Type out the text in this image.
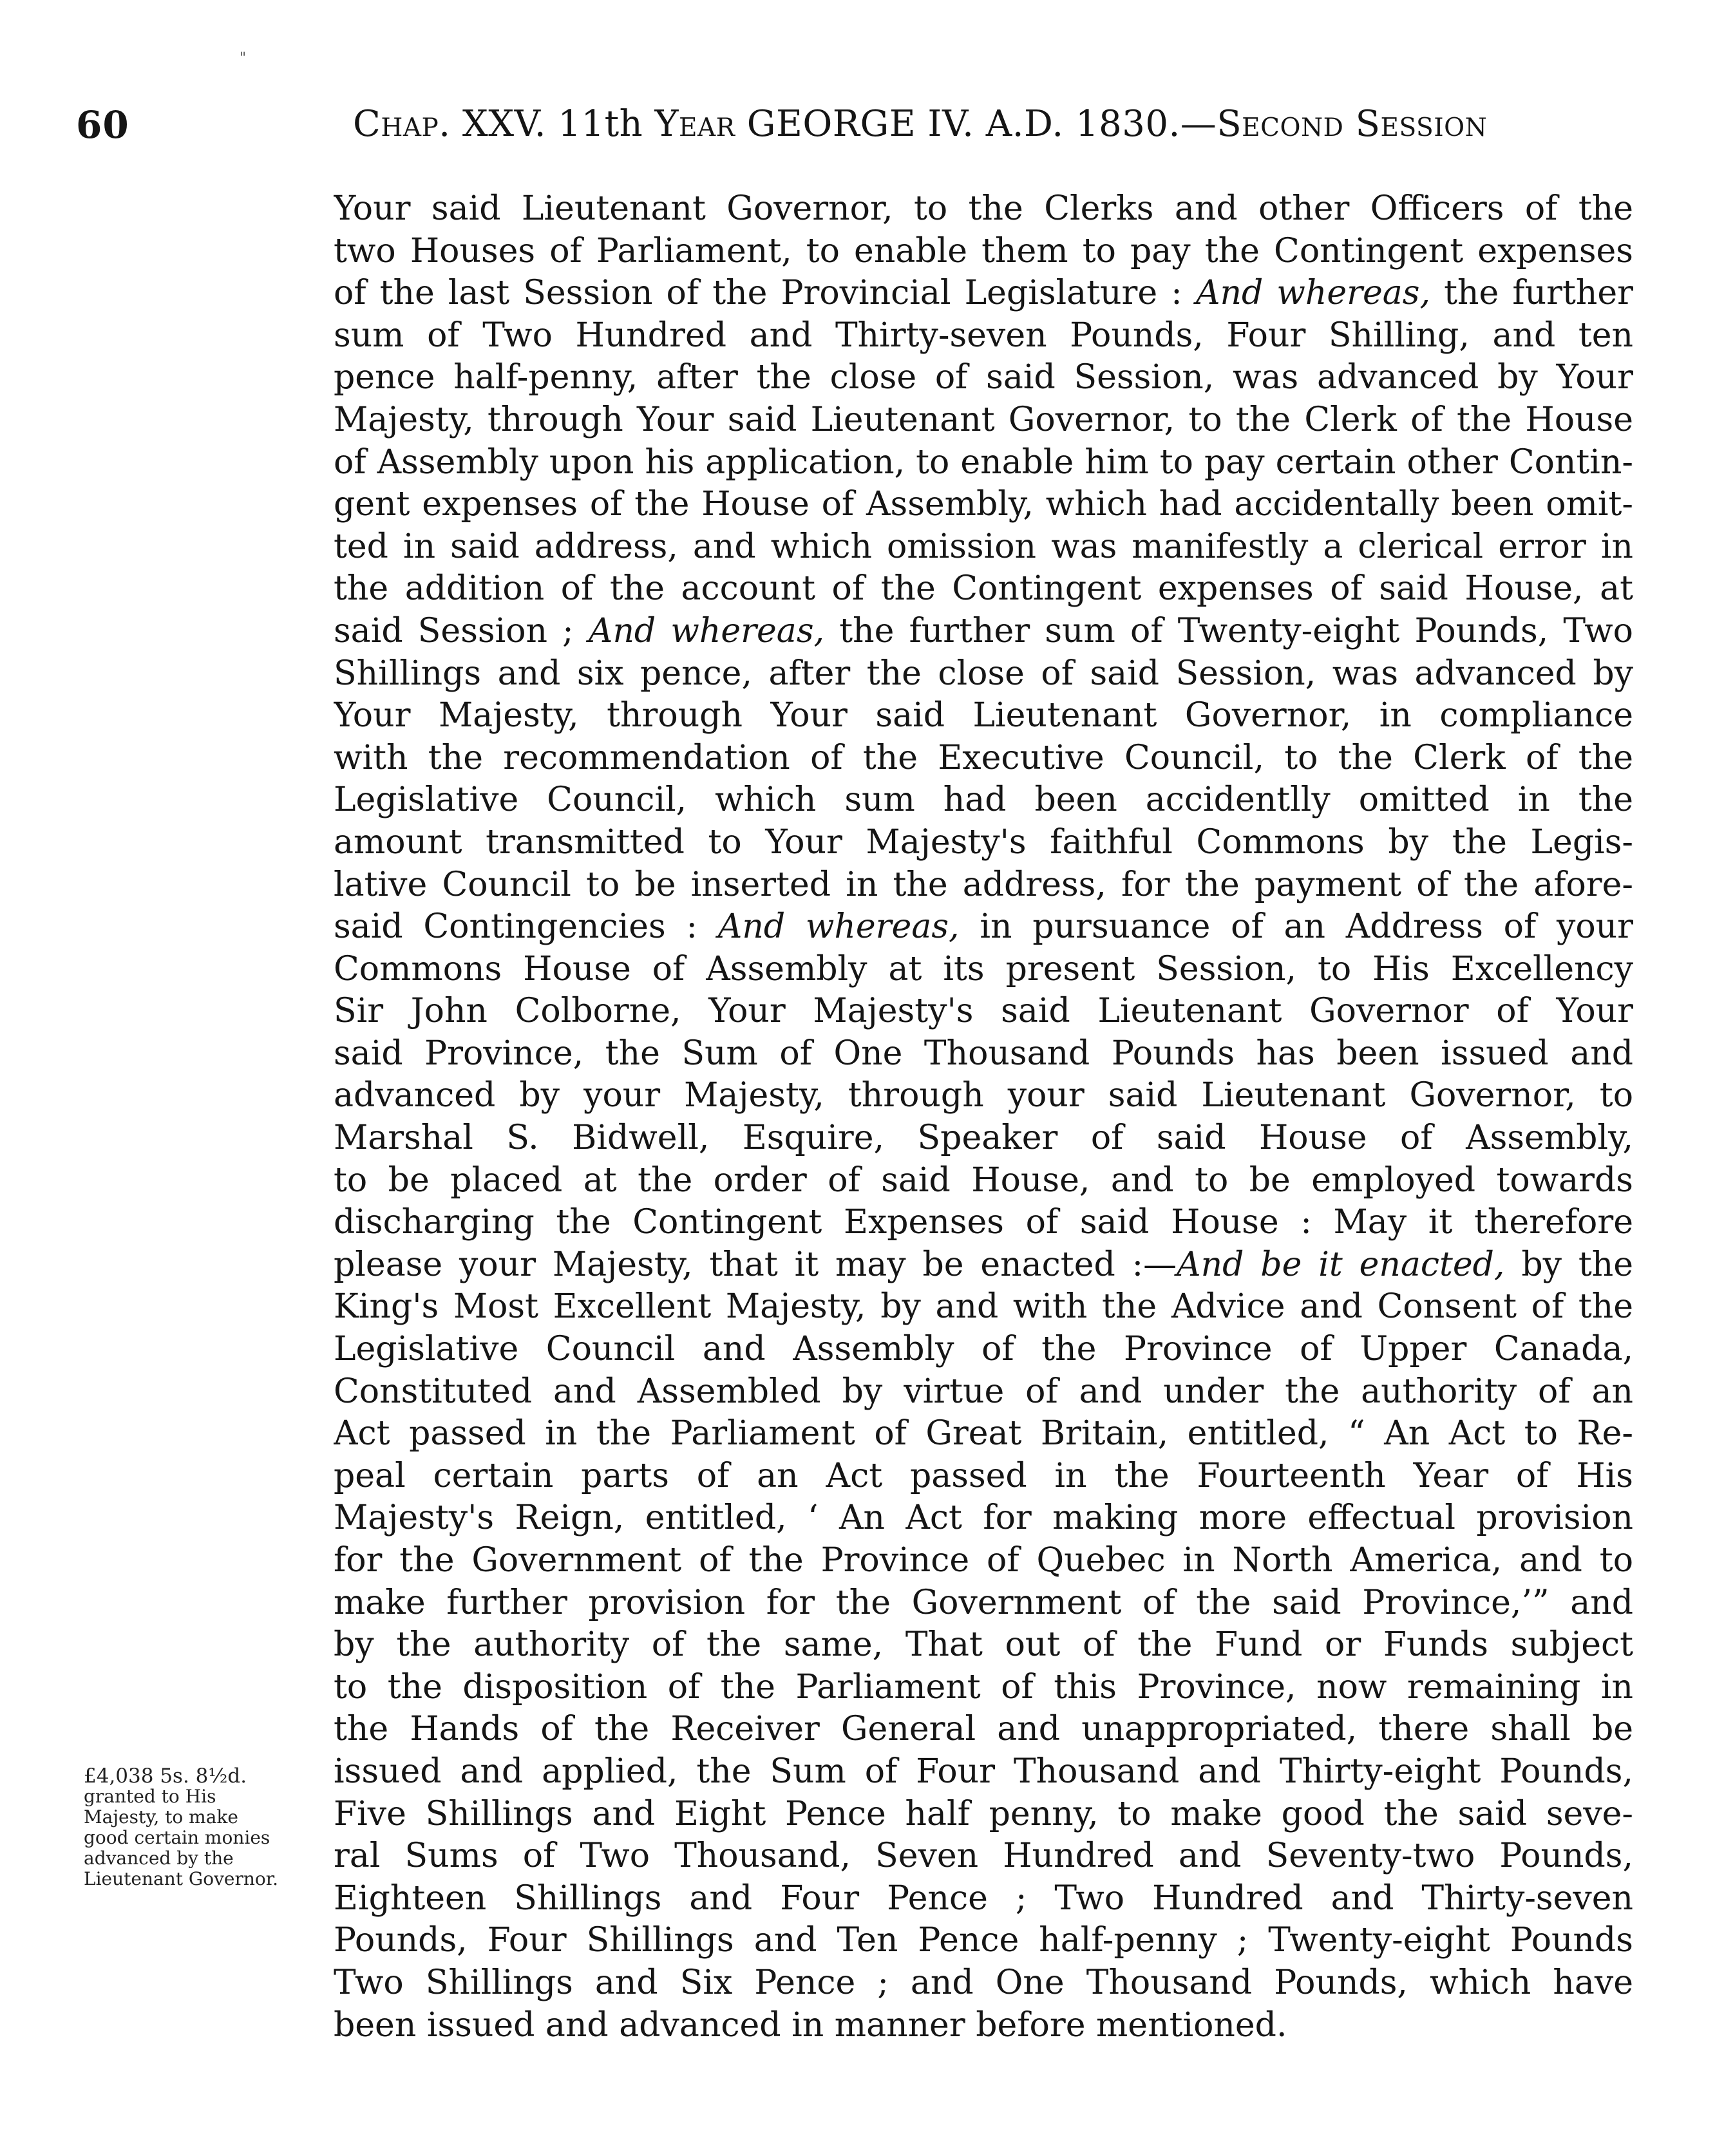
"
60	Chap. XXV. 11th Year GEORGE IV. A.D. 1830.—Second Session
Your said Lieutenant Governor, to the Clerks and other Officers of the
two Houses of Parliament, to enable them to pay the Contingent expenses
of the last Session of the Provincial Legislature : And whereas, the further
sum of Two Hundred and Thirty-seven Pounds, Four Shilling, and ten
pence half-penny, after the close of said Session, was advanced by Your
Majesty, through Your said Lieutenant Governor, to the Clerk of the House
of Assembly upon his application, to enable him to pay certain other Contin-
gent expenses of the House of Assembly, which had accidentally been omit-
ted in said address, and which omission was manifestly a clerical error in
the addition of the account of the Contingent expenses of said House, at
said Session ; And whereas, the further sum of Twenty-eight Pounds, Two
Shillings and six pence, after the close of said Session, was advanced by
Your Majesty, through Your said Lieutenant Governor, in compliance
with the recommendation of the Executive Council, to the Clerk of the
Legislative Council, which sum had been accidentlly omitted in the
amount transmitted to Your Majesty's faithful Commons by the Legis-
lative Council to be inserted in the address, for the payment of the afore-
said Contingencies : And whereas, in pursuance of an Address of your
Commons House of Assembly at its present Session, to His Excellency
Sir John Colborne, Your Majesty's said Lieutenant Governor of Your
said Province, the Sum of One Thousand Pounds has been issued and
advanced by your Majesty, through your said Lieutenant Governor, to
Marshal S. Bidwell, Esquire, Speaker of said House of Assembly,
to be placed at the order of said House, and to be employed towards
discharging the Contingent Expenses of said House : May it therefore
please your Majesty, that it may be enacted :—And be it enacted, by the
King's Most Excellent Majesty, by and with the Advice and Consent of the
Legislative Council and Assembly of the Province of Upper Canada,
Constituted and Assembled by virtue of and under the authority of an
Act passed in the Parliament of Great Britain, entitled, “ An Act to Re-
peal certain parts of an Act passed in the Fourteenth Year of His
Majesty's Reign, entitled, ‘ An Act for making more effectual provision
for the Government of the Province of Quebec in North America, and to
make further provision for the Government of the said Province,’” and
by the authority of the same, That out of the Fund or Funds subject
to the disposition of the Parliament of this Province, now remaining in
the Hands of the Receiver General and unappropriated, there shall be
issued and applied, the Sum of Four Thousand and Thirty-eight Pounds,
Five Shillings and Eight Pence half penny, to make good the said seve-
ral Sums of Two Thousand, Seven Hundred and Seventy-two Pounds,
Eighteen Shillings and Four Pence ; Two Hundred and Thirty-seven
Pounds, Four Shillings and Ten Pence half-penny ; Twenty-eight Pounds
Two Shillings and Six Pence ; and One Thousand Pounds, which have
been issued and advanced in manner before mentioned.
£4,038 5s. 8½d.
granted to His
Majesty, to make
good certain monies
advanced by the
Lieutenant Governor.
